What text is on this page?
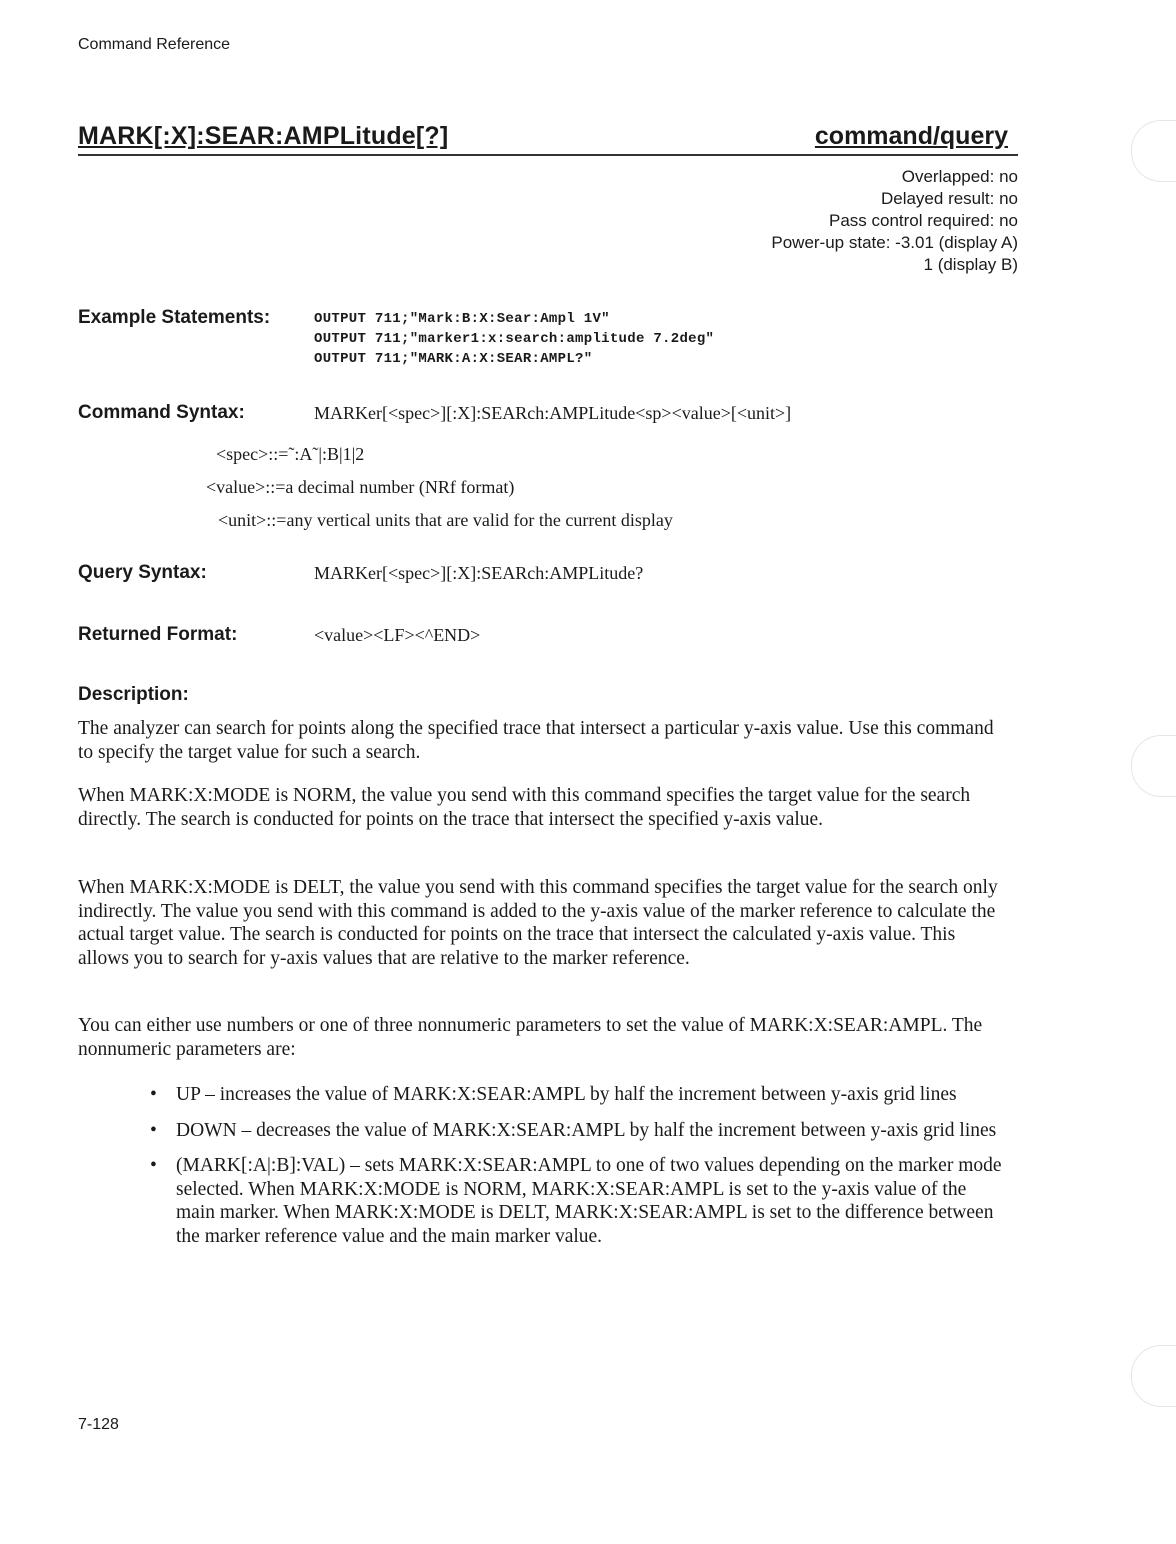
Command Reference
MARK[:X]:SEAR:AMPLitude[?]	command/query
Overlapped: no
Delayed result: no
Pass control required: no
Power-up state: -3.01 (display A)
1 (display B)
Example Statements:	OUTPUT 711;"Mark:B:X:Sear:Ampl 1V"
OUTPUT 711;"marker1:x:search:amplitude 7.2deg"
OUTPUT 711;"MARK:A:X:SEAR:AMPL?"
Command Syntax:	MARKer[<spec>][:X]:SEARch:AMPLitude<sp><value>[<unit>]
<spec>::=˜:A˜|:B|1|2
<value>::=a decimal number (NRf format)
<unit>::=any vertical units that are valid for the current display
Query Syntax:	MARKer[<spec>][:X]:SEARch:AMPLitude?
Returned Format:	<value><LF><^END>
Description:
The analyzer can search for points along the specified trace that intersect a particular y-axis value. Use this command to specify the target value for such a search.
When MARK:X:MODE is NORM, the value you send with this command specifies the target value for the search directly. The search is conducted for points on the trace that intersect the specified y-axis value.
When MARK:X:MODE is DELT, the value you send with this command specifies the target value for the search only indirectly. The value you send with this command is added to the y-axis value of the marker reference to calculate the actual target value. The search is conducted for points on the trace that intersect the calculated y-axis value. This allows you to search for y-axis values that are relative to the marker reference.
You can either use numbers or one of three nonnumeric parameters to set the value of MARK:X:SEAR:AMPL. The nonnumeric parameters are:
• UP – increases the value of MARK:X:SEAR:AMPL by half the increment between y-axis grid lines
• DOWN – decreases the value of MARK:X:SEAR:AMPL by half the increment between y-axis grid lines
• (MARK[:A|:B]:VAL) – sets MARK:X:SEAR:AMPL to one of two values depending on the marker mode selected. When MARK:X:MODE is NORM, MARK:X:SEAR:AMPL is set to the y-axis value of the main marker. When MARK:X:MODE is DELT, MARK:X:SEAR:AMPL is set to the difference between the marker reference value and the main marker value.
7-128
